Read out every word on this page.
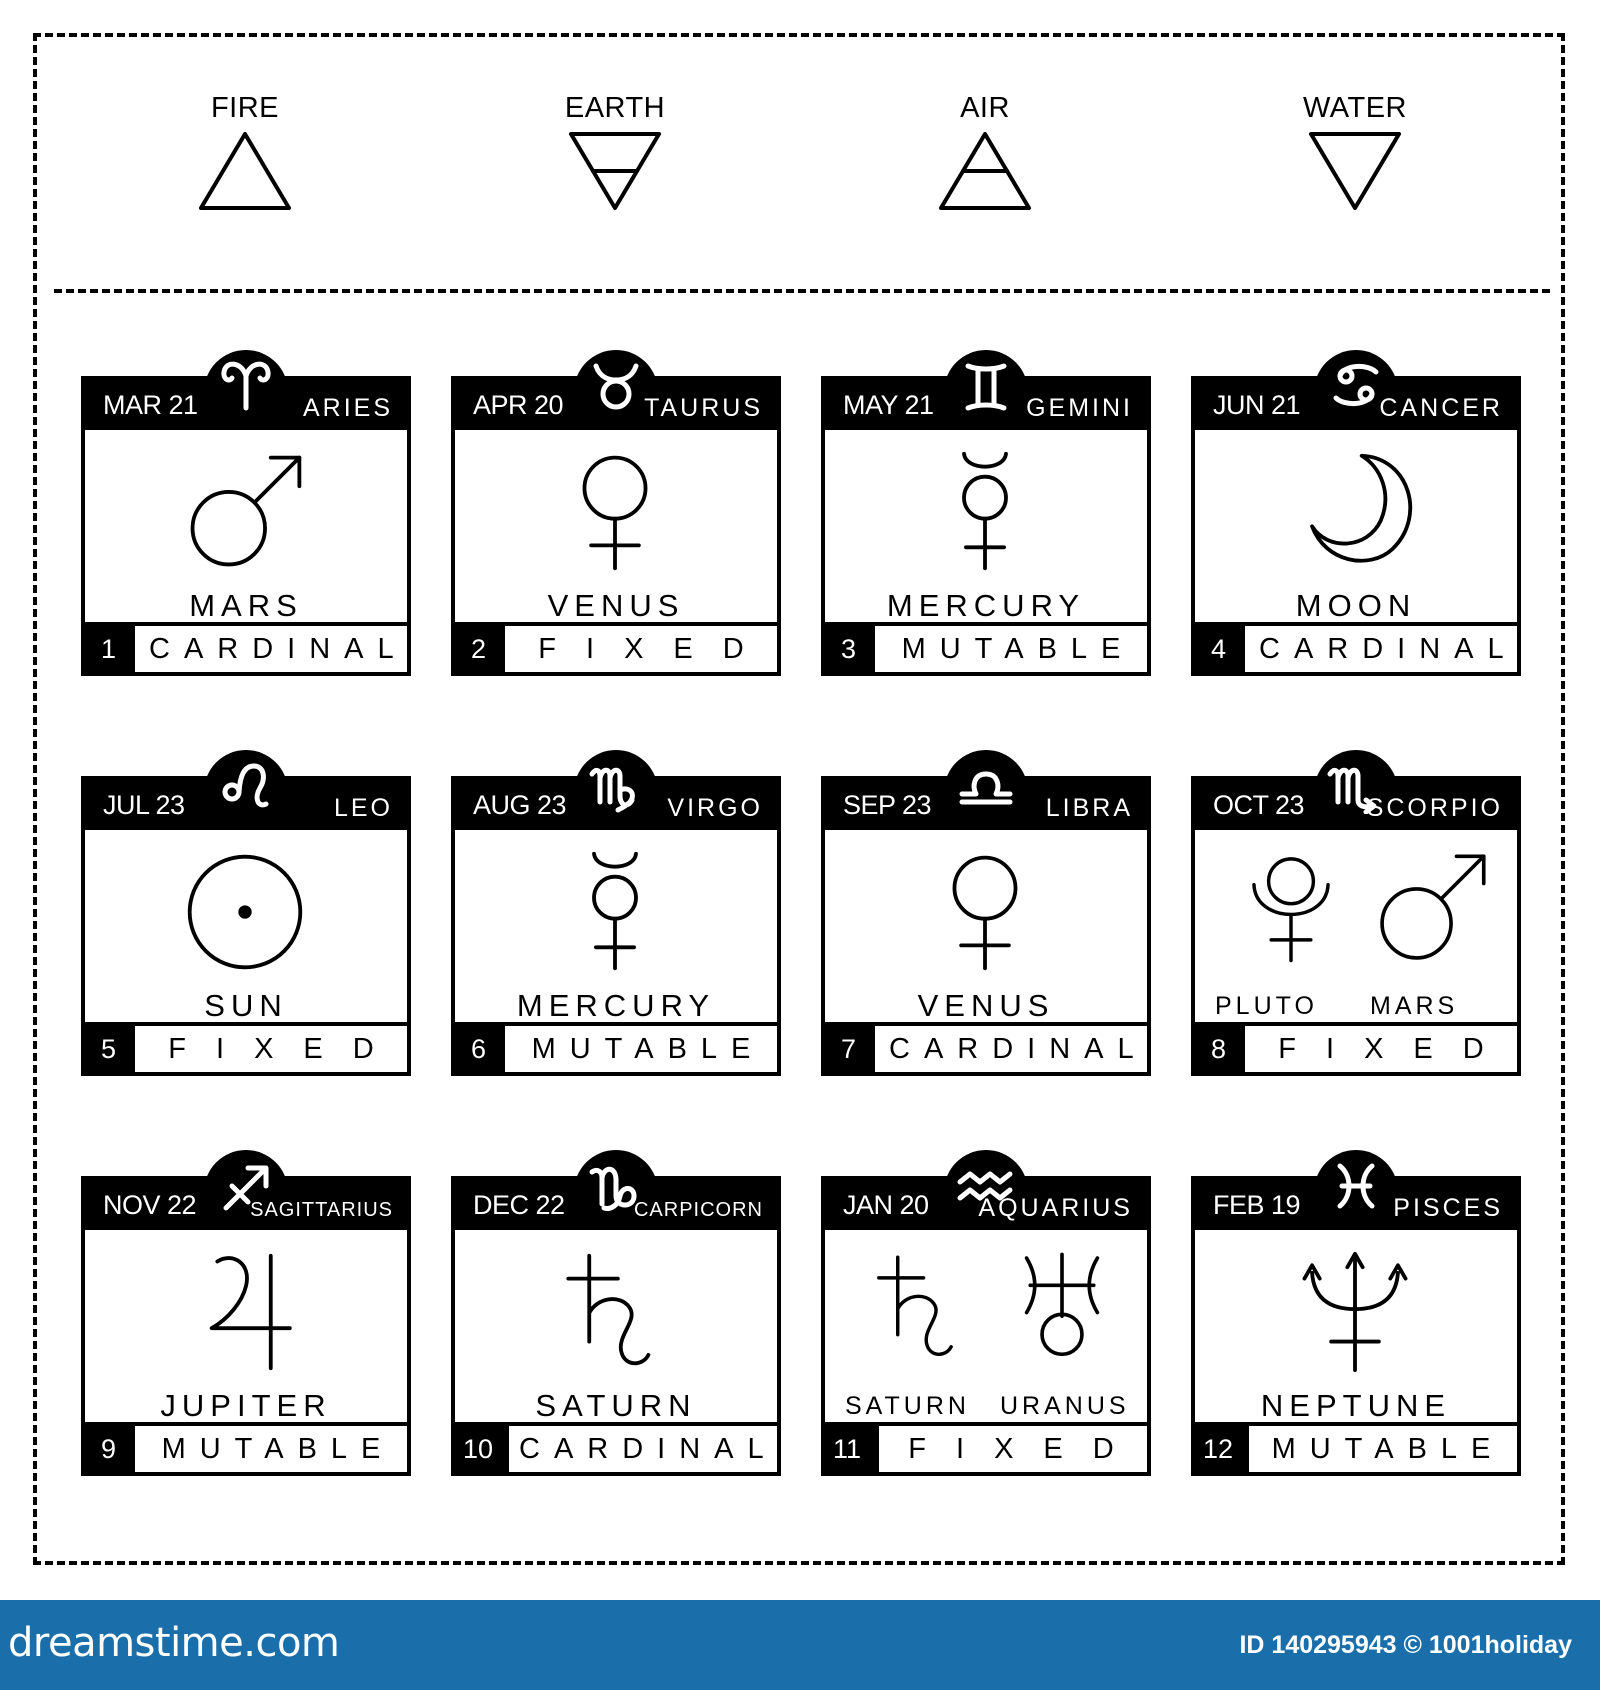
FIRE	EARTH	AIR	WATER
MAR 21	ARIES
MARS
1	CARDINAL
APR 20	TAURUS
VENUS
2	FIXED
MAY 21	GEMINI
MERCURY
3	MUTABLE
JUN 21	CANCER
MOON
4	CARDINAL
JUL 23	LEO
SUN
5	FIXED
AUG 23	VIRGO
MERCURY
6	MUTABLE
SEP 23	LIBRA
VENUS
7	CARDINAL
OCT 23	SCORPIO
PLUTO MARS
8	FIXED
NOV 22	SAGITTARIUS
JUPITER
9	MUTABLE
DEC 22	CARPICORN
SATURN
10 CARDINAL
JAN 20 AQUARIUS
SATURN URANUS
11	FIXED
FEB 19	PISCES
NEPTUNE
12	MUTABLE
dreamstime.com	ID 140295943 © 1001holiday
